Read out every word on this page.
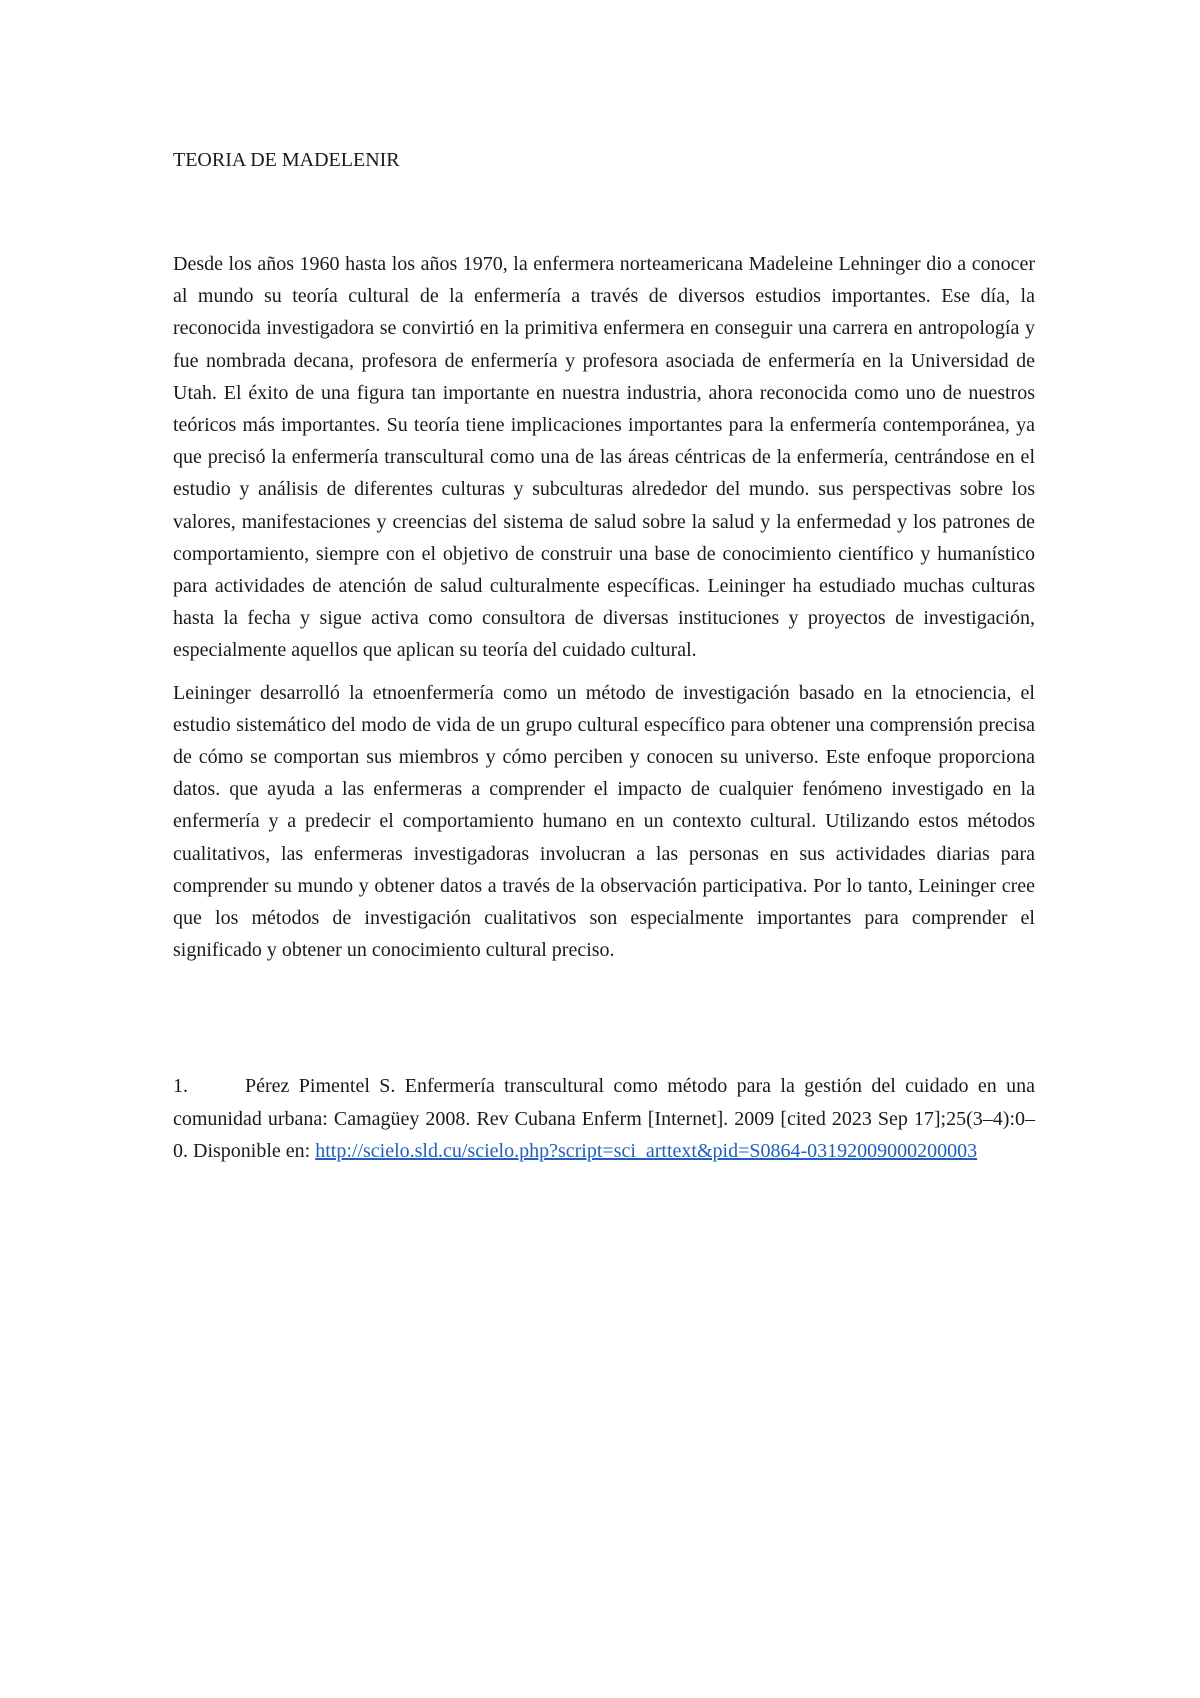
TEORIA DE MADELENIR

Desde los años 1960 hasta los años 1970, la enfermera norteamericana Madeleine Lehninger dio a conocer al mundo su teoría cultural de la enfermería a través de diversos estudios importantes. Ese día, la reconocida investigadora se convirtió en la primitiva enfermera en conseguir una carrera en antropología y fue nombrada decana, profesora de enfermería y profesora asociada de enfermería en la Universidad de Utah. El éxito de una figura tan importante en nuestra industria, ahora reconocida como uno de nuestros teóricos más importantes. Su teoría tiene implicaciones importantes para la enfermería contemporánea, ya que precisó la enfermería transcultural como una de las áreas céntricas de la enfermería, centrándose en el estudio y análisis de diferentes culturas y subculturas alrededor del mundo. sus perspectivas sobre los valores, manifestaciones y creencias del sistema de salud sobre la salud y la enfermedad y los patrones de comportamiento, siempre con el objetivo de construir una base de conocimiento científico y humanístico para actividades de atención de salud culturalmente específicas. Leininger ha estudiado muchas culturas hasta la fecha y sigue activa como consultora de diversas instituciones y proyectos de investigación, especialmente aquellos que aplican su teoría del cuidado cultural.

Leininger desarrolló la etnoenfermería como un método de investigación basado en la etnociencia, el estudio sistemático del modo de vida de un grupo cultural específico para obtener una comprensión precisa de cómo se comportan sus miembros y cómo perciben y conocen su universo. Este enfoque proporciona datos. que ayuda a las enfermeras a comprender el impacto de cualquier fenómeno investigado en la enfermería y a predecir el comportamiento humano en un contexto cultural. Utilizando estos métodos cualitativos, las enfermeras investigadoras involucran a las personas en sus actividades diarias para comprender su mundo y obtener datos a través de la observación participativa. Por lo tanto, Leininger cree que los métodos de investigación cualitativos son especialmente importantes para comprender el significado y obtener un conocimiento cultural preciso.

1.	Pérez Pimentel S. Enfermería transcultural como método para la gestión del cuidado en una comunidad urbana: Camagüey 2008. Rev Cubana Enferm [Internet]. 2009 [cited 2023 Sep 17];25(3–4):0–0. Disponible en: http://scielo.sld.cu/scielo.php?script=sci_arttext&pid=S0864-03192009000200003
